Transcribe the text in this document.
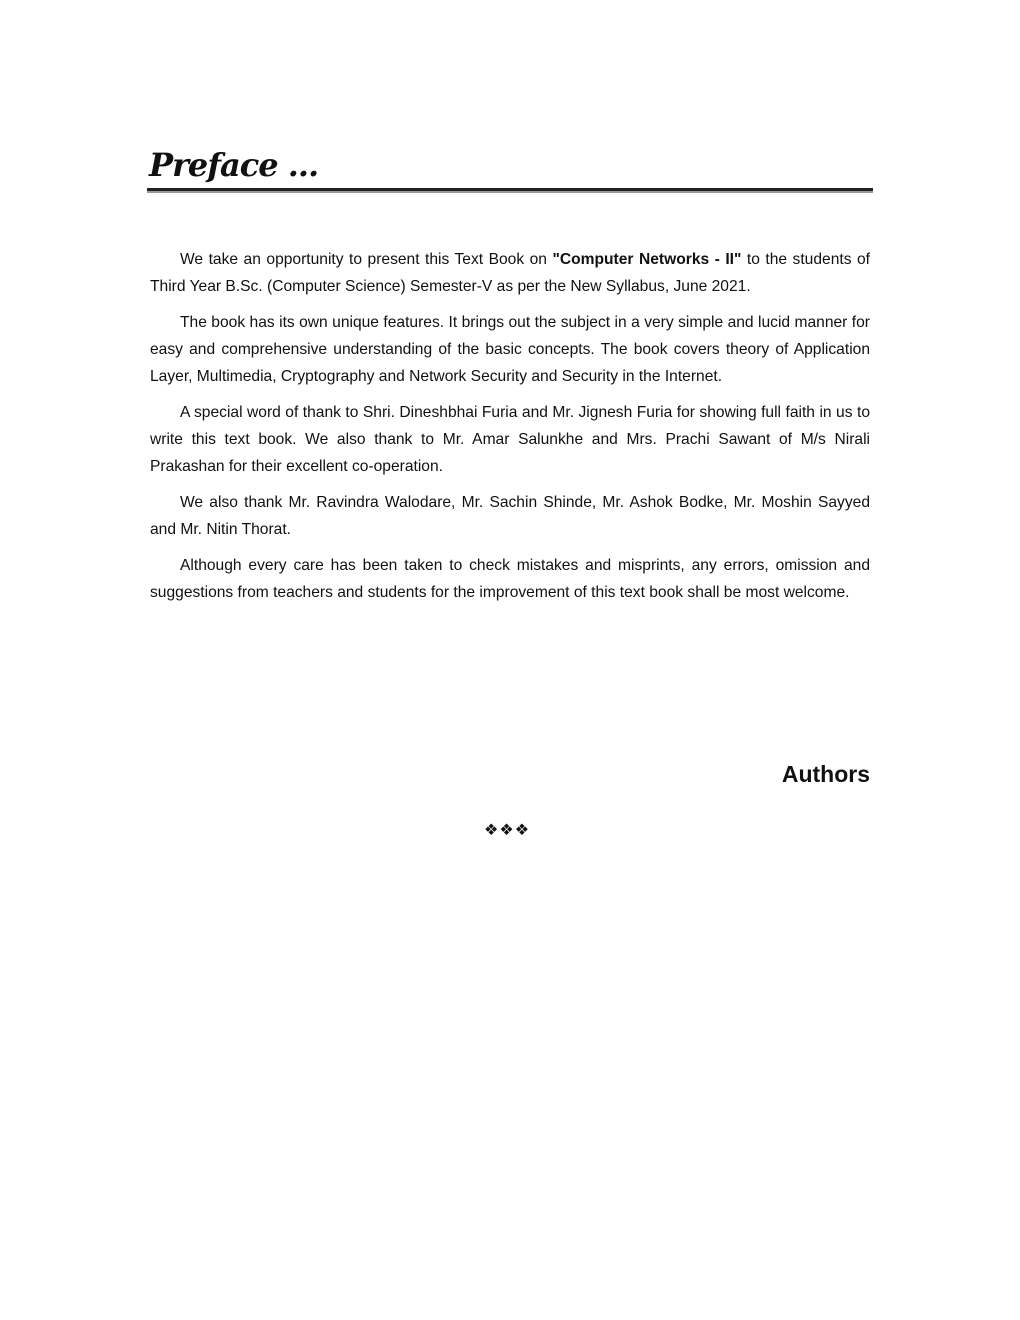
Preface ...

We take an opportunity to present this Text Book on "Computer Networks - II" to the students of Third Year B.Sc. (Computer Science) Semester-V as per the New Syllabus, June 2021.

The book has its own unique features. It brings out the subject in a very simple and lucid manner for easy and comprehensive understanding of the basic concepts. The book covers theory of Application Layer, Multimedia, Cryptography and Network Security and Security in the Internet.

A special word of thank to Shri. Dineshbhai Furia and Mr. Jignesh Furia for showing full faith in us to write this text book. We also thank to Mr. Amar Salunkhe and Mrs. Prachi Sawant of M/s Nirali Prakashan for their excellent co-operation.

We also thank Mr. Ravindra Walodare, Mr. Sachin Shinde, Mr. Ashok Bodke, Mr. Moshin Sayyed and Mr. Nitin Thorat.

Although every care has been taken to check mistakes and misprints, any errors, omission and suggestions from teachers and students for the improvement of this text book shall be most welcome.

Authors
❖❖❖
